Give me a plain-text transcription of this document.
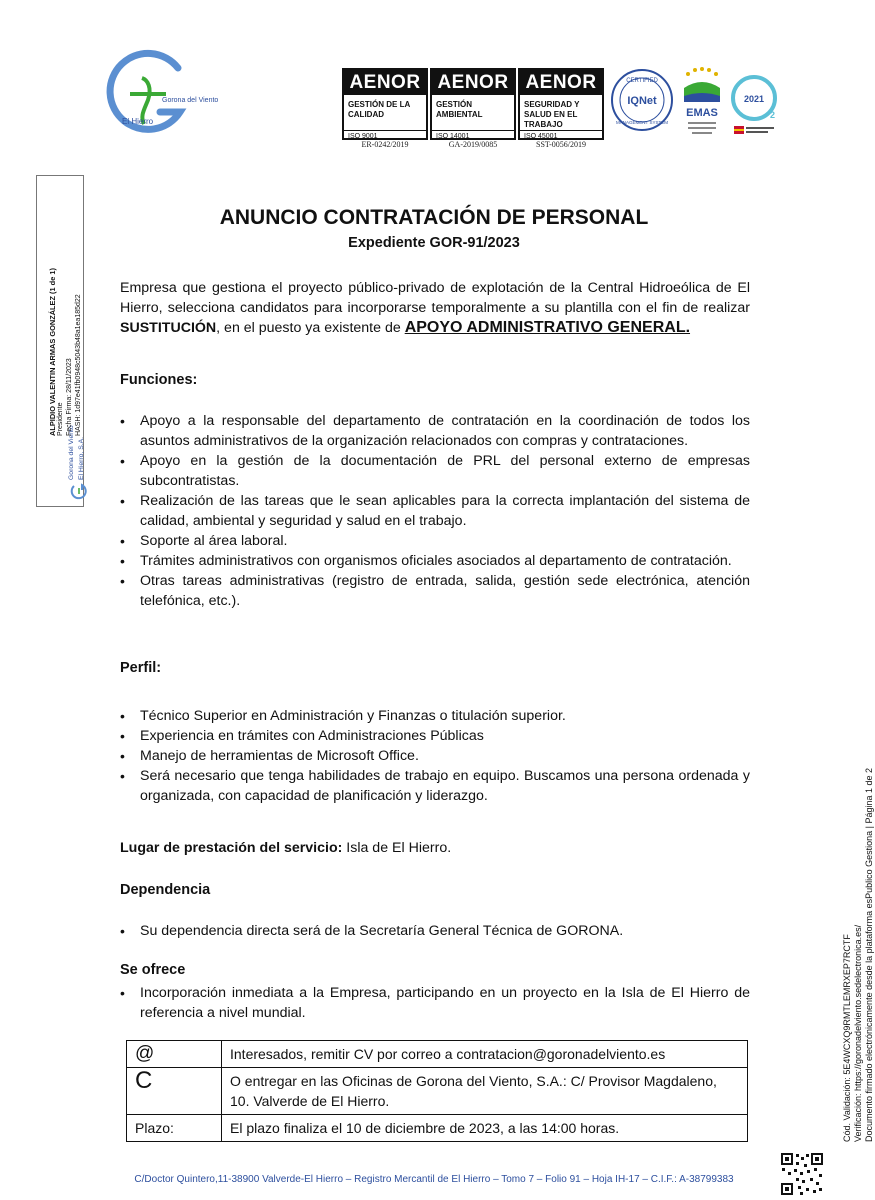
Gorona del Viento
El Hierro
AENOR
GESTIÓN DE LA CALIDAD
ISO 9001
ER-0242/2019
AENOR
GESTIÓN AMBIENTAL
ISO 14001
GA-2019/0085
AENOR
SEGURIDAD Y SALUD EN EL TRABAJO
ISO 45001
SST-0056/2019
CERTIFIED
IQNet
MANAGEMENT SYSTEM
EMAS
2021
2
Gorona del Viento El Hierro, S.A.
ALPIDIO VALENTIN ARMAS GONZÁLEZ (1 de 1) Presidente Fecha Firma: 28/11/2023 HASH: 1d97e41fb0948c5043b48a1ea185d22
Cód. Validación: 5E4WCXQ9RMTLEMRXEP7RCTF Verificación: https://goronadelviento.sedelectronica.es/ Documento firmado electrónicamente desde la plataforma esPublico Gestiona | Página 1 de 2
ANUNCIO CONTRATACIÓN DE PERSONAL
Expediente GOR-91/2023
Empresa que gestiona el proyecto público-privado de explotación de la Central Hidroeólica de El Hierro, selecciona candidatos para incorporarse temporalmente a su plantilla con el fin de realizar SUSTITUCIÓN, en el puesto ya existente de APOYO ADMINISTRATIVO GENERAL.
Funciones:
• Apoyo a la responsable del departamento de contratación en la coordinación de todos los asuntos administrativos de la organización relacionados con compras y contrataciones.
• Apoyo en la gestión de la documentación de PRL del personal externo de empresas subcontratistas.
• Realización de las tareas que le sean aplicables para la correcta implantación del sistema de calidad, ambiental y seguridad y salud en el trabajo.
• Soporte al área laboral.
• Trámites administrativos con organismos oficiales asociados al departamento de contratación.
• Otras tareas administrativas (registro de entrada, salida, gestión sede electrónica, atención telefónica, etc.).
Perfil:
• Técnico Superior en Administración y Finanzas o titulación superior.
• Experiencia en trámites con Administraciones Públicas
• Manejo de herramientas de Microsoft Office.
• Será necesario que tenga habilidades de trabajo en equipo. Buscamos una persona ordenada y organizada, con capacidad de planificación y liderazgo.
Lugar de prestación del servicio: Isla de El Hierro.
Dependencia
• Su dependencia directa será de la Secretaría General Técnica de GORONA.
Se ofrece
• Incorporación inmediata a la Empresa, participando en un proyecto en la Isla de El Hierro de referencia a nivel mundial.
@	Interesados, remitir CV por correo a contratacion@goronadelviento.es
C	O entregar en las Oficinas de Gorona del Viento, S.A.: C/ Provisor Magdaleno, 10. Valverde de El Hierro.
Plazo:	El plazo finaliza el 10 de diciembre de 2023, a las 14:00 horas.
C/Doctor Quintero,11-38900 Valverde-El Hierro – Registro Mercantil de El Hierro – Tomo 7 – Folio 91 – Hoja IH-17 – C.I.F.: A-38799383
